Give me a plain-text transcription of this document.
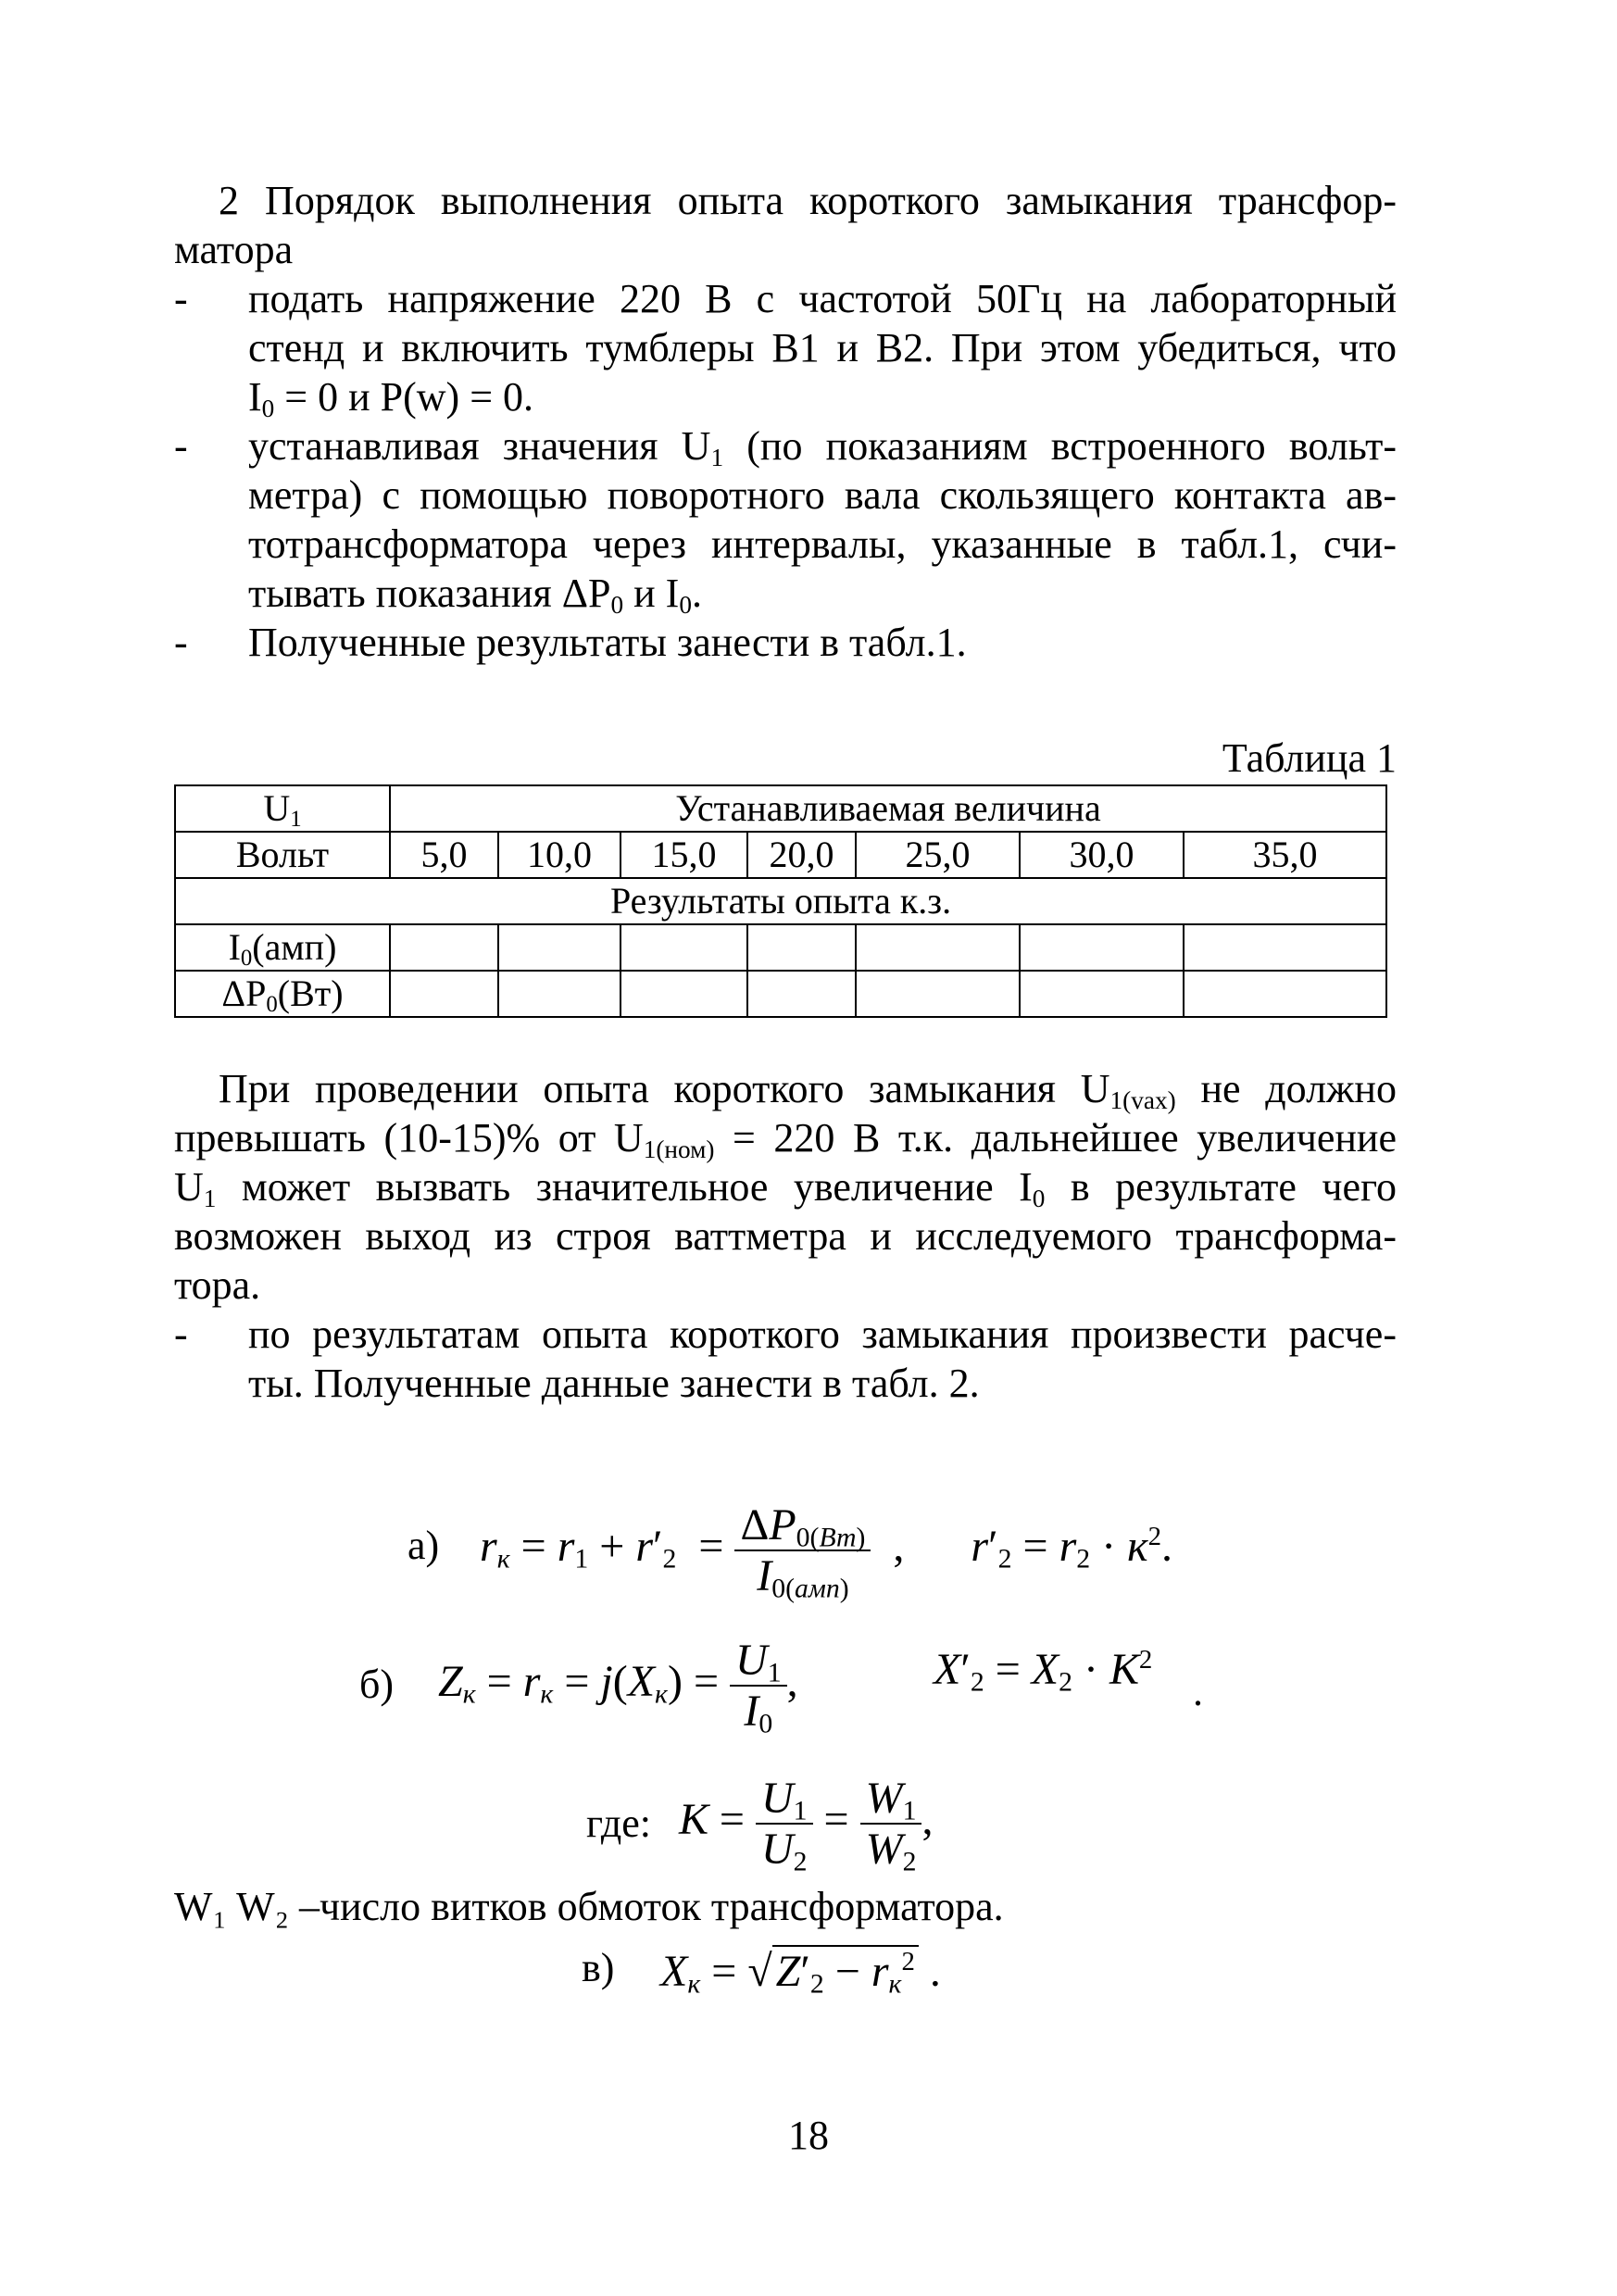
2 Порядок выполнения опыта короткого замыкания трансфор-

матора

-	подать напряжение 220 В с частотой 50Гц на лабораторный
стенд и включить тумблеры В1 и В2. При этом убедиться, что
$I_0 = 0$ и P(w) = 0.
-	устанавливая значения $U_1$ (по показаниям встроенного вольт-
метра) с помощью поворотного вала скользящего контакта ав-
тотрансформатора через интервалы, указанные в табл.1, счи-
тывать показания $\Delta P_0$ и $I_0$.
-	Полученные результаты занести в табл.1.

Таблица 1

$U_1$	Устанавливаемая величина						
Вольт	5,0	10,0	15,0	20,0	25,0	30,0	35,0
Результаты опыта к.з.							
$I_0(амп)$							
$\Delta P_0(Вт)$							

При проведении опыта короткого замыкания $U_{1(vax)}$ не должно

превышать (10-15)% от $U_{1(ном)} = 220$ В т.к. дальнейшее увеличение

$U_1$ может вызвать значительное увеличение $I_0$ в результате чего

возможен выход из строя ваттметра и исследуемого трансформа-

тора.

-	по результатам опыта короткого замыкания произвести расче-
ты. Полученные данные занести в табл. 2.
а) $r_к = r_1 + r'_2 = \frac{\Delta P_{0(Вт)}}{I_{0(амп)}}$ ,      $r'_2 = r_2 \cdot к^2$.
б) $Z_к = r_к = j(X_к) = \frac{U_1}{I_0}$ ,	$X'_2 = X_2 \cdot К^2$
.
где: $К = \frac{U_1}{U_2} = \frac{W_1}{W_2}$ ,
W₁ W₂ –число витков обмоток трансформатора.
в) $X_к = √Z'_2 - r_к^2$ .
18
